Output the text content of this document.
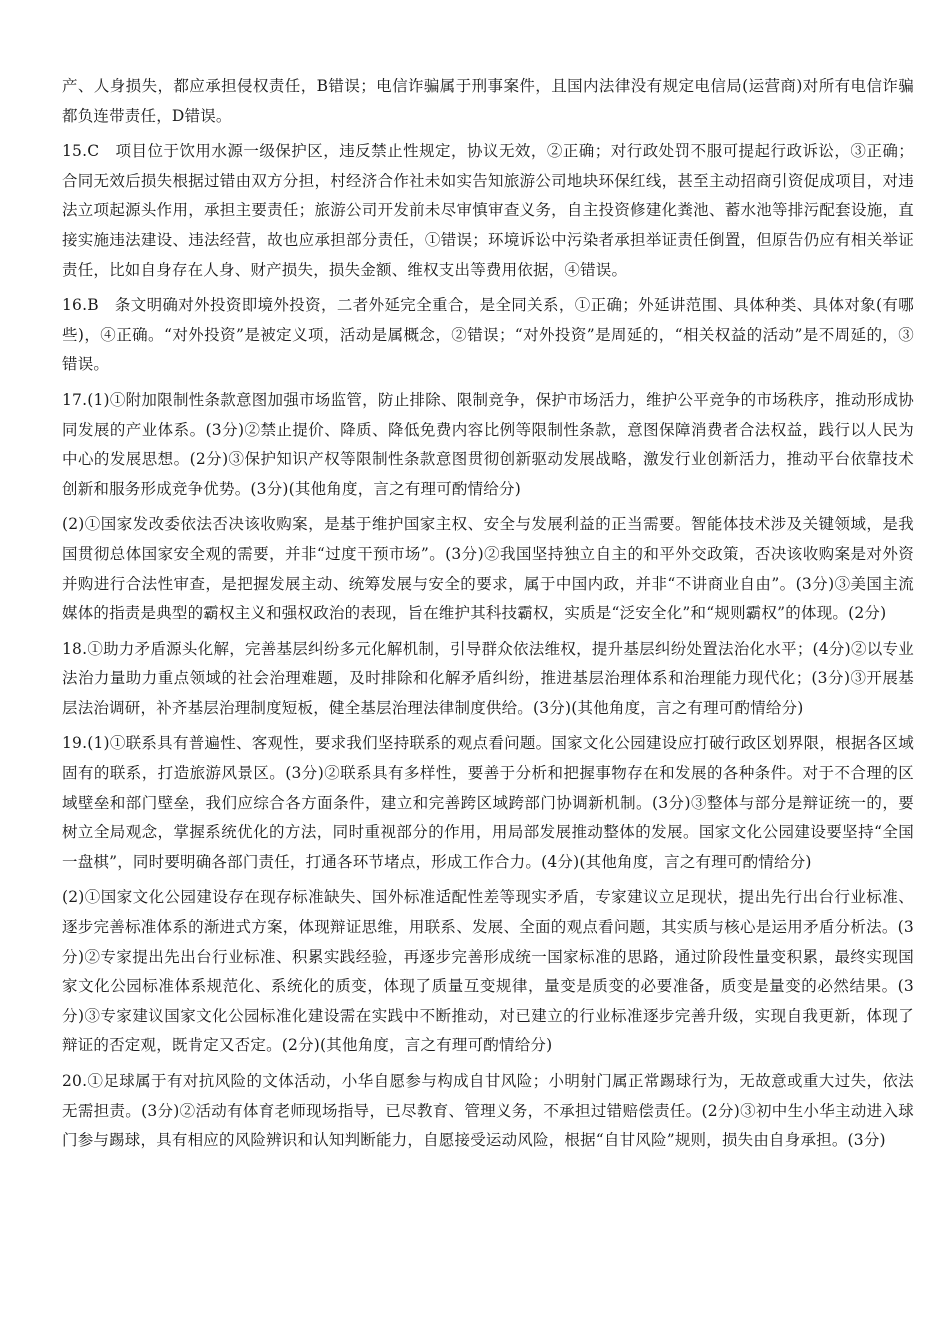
产、人身损失，都应承担侵权责任，B错误；电信诈骗属于刑事案件，且国内法律没有规定电信局(运营商)对所有电信诈骗都负连带责任，D错误。

15.C　项目位于饮用水源一级保护区，违反禁止性规定，协议无效，②正确；对行政处罚不服可提起行政诉讼，③正确；合同无效后损失根据过错由双方分担，村经济合作社未如实告知旅游公司地块环保红线，甚至主动招商引资促成项目，对违法立项起源头作用，承担主要责任；旅游公司开发前未尽审慎审查义务，自主投资修建化粪池、蓄水池等排污配套设施，直接实施违法建设、违法经营，故也应承担部分责任，①错误；环境诉讼中污染者承担举证责任倒置，但原告仍应有相关举证责任，比如自身存在人身、财产损失，损失金额、维权支出等费用依据，④错误。

16.B　条文明确对外投资即境外投资，二者外延完全重合，是全同关系，①正确；外延讲范围、具体种类、具体对象(有哪些)，④正确。“对外投资”是被定义项，活动是属概念，②错误；“对外投资”是周延的，“相关权益的活动”是不周延的，③错误。

17.(1)①附加限制性条款意图加强市场监管，防止排除、限制竞争，保护市场活力，维护公平竞争的市场秩序，推动形成协同发展的产业体系。(3分)②禁止提价、降质、降低免费内容比例等限制性条款，意图保障消费者合法权益，践行以人民为中心的发展思想。(2分)③保护知识产权等限制性条款意图贯彻创新驱动发展战略，激发行业创新活力，推动平台依靠技术创新和服务形成竞争优势。(3分)(其他角度，言之有理可酌情给分)

(2)①国家发改委依法否决该收购案，是基于维护国家主权、安全与发展利益的正当需要。智能体技术涉及关键领域，是我国贯彻总体国家安全观的需要，并非“过度干预市场”。(3分)②我国坚持独立自主的和平外交政策，否决该收购案是对外资并购进行合法性审查，是把握发展主动、统筹发展与安全的要求，属于中国内政，并非“不讲商业自由”。(3分)③美国主流媒体的指责是典型的霸权主义和强权政治的表现，旨在维护其科技霸权，实质是“泛安全化”和“规则霸权”的体现。(2分)

18.①助力矛盾源头化解，完善基层纠纷多元化解机制，引导群众依法维权，提升基层纠纷处置法治化水平；(4分)②以专业法治力量助力重点领域的社会治理难题，及时排除和化解矛盾纠纷，推进基层治理体系和治理能力现代化；(3分)③开展基层法治调研，补齐基层治理制度短板，健全基层治理法律制度供给。(3分)(其他角度，言之有理可酌情给分)

19.(1)①联系具有普遍性、客观性，要求我们坚持联系的观点看问题。国家文化公园建设应打破行政区划界限，根据各区域固有的联系，打造旅游风景区。(3分)②联系具有多样性，要善于分析和把握事物存在和发展的各种条件。对于不合理的区域壁垒和部门壁垒，我们应综合各方面条件，建立和完善跨区域跨部门协调新机制。(3分)③整体与部分是辩证统一的，要树立全局观念，掌握系统优化的方法，同时重视部分的作用，用局部发展推动整体的发展。国家文化公园建设要坚持“全国一盘棋”，同时要明确各部门责任，打通各环节堵点，形成工作合力。(4分)(其他角度，言之有理可酌情给分)

(2)①国家文化公园建设存在现存标准缺失、国外标准适配性差等现实矛盾，专家建议立足现状，提出先行出台行业标准、逐步完善标准体系的渐进式方案，体现辩证思维，用联系、发展、全面的观点看问题，其实质与核心是运用矛盾分析法。(3分)②专家提出先出台行业标准、积累实践经验，再逐步完善形成统一国家标准的思路，通过阶段性量变积累，最终实现国家文化公园标准体系规范化、系统化的质变，体现了质量互变规律，量变是质变的必要准备，质变是量变的必然结果。(3分)③专家建议国家文化公园标准化建设需在实践中不断推动，对已建立的行业标准逐步完善升级，实现自我更新，体现了辩证的否定观，既肯定又否定。(2分)(其他角度，言之有理可酌情给分)

20.①足球属于有对抗风险的文体活动，小华自愿参与构成自甘风险；小明射门属正常踢球行为，无故意或重大过失，依法无需担责。(3分)②活动有体育老师现场指导，已尽教育、管理义务，不承担过错赔偿责任。(2分)③初中生小华主动进入球门参与踢球，具有相应的风险辨识和认知判断能力，自愿接受运动风险，根据“自甘风险”规则，损失由自身承担。(3分)
